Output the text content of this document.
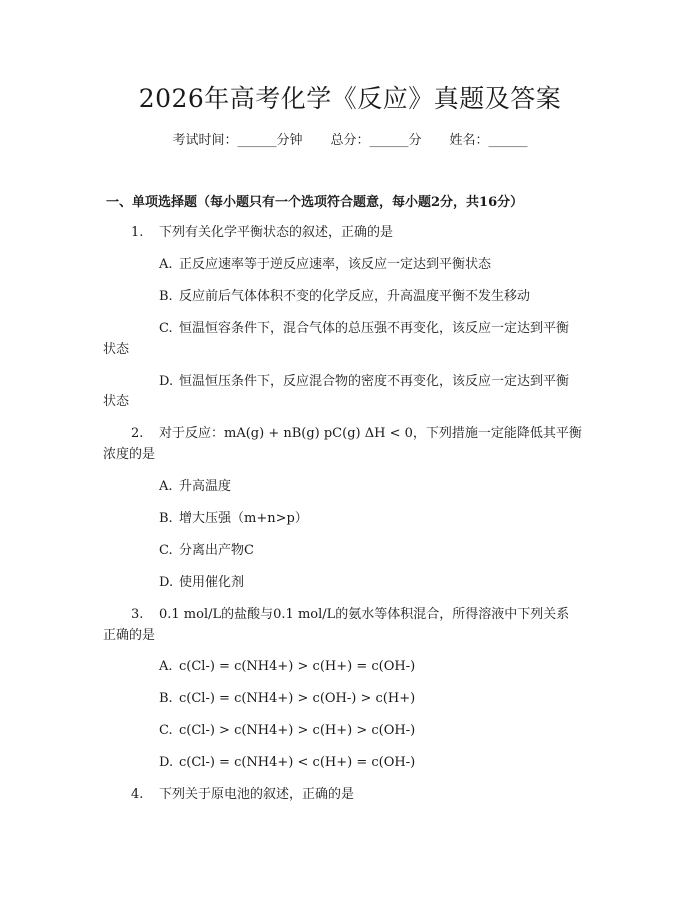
2026年高考化学《反应》真题及答案
考试时间：______分钟 总分：______分 姓名：______
一、单项选择题（每小题只有一个选项符合题意，每小题2分，共16分）
1. 下列有关化学平衡状态的叙述，正确的是
A. 正反应速率等于逆反应速率，该反应一定达到平衡状态
B. 反应前后气体体积不变的化学反应，升高温度平衡不发生移动
C. 恒温恒容条件下，混合气体的总压强不再变化，该反应一定达到平衡
状态
D. 恒温恒压条件下，反应混合物的密度不再变化，该反应一定达到平衡
状态
2. 对于反应：mA(g) + nB(g) pC(g) ΔH < 0，下列措施一定能降低其平衡
浓度的是
A. 升高温度
B. 增大压强（m+n>p）
C. 分离出产物C
D. 使用催化剂
3. 0.1 mol/L的盐酸与0.1 mol/L的氨水等体积混合，所得溶液中下列关系
正确的是
A. c(Cl-) = c(NH4+) > c(H+) = c(OH-)
B. c(Cl-) = c(NH4+) > c(OH-) > c(H+)
C. c(Cl-) > c(NH4+) > c(H+) > c(OH-)
D. c(Cl-) = c(NH4+) < c(H+) = c(OH-)
4. 下列关于原电池的叙述，正确的是
